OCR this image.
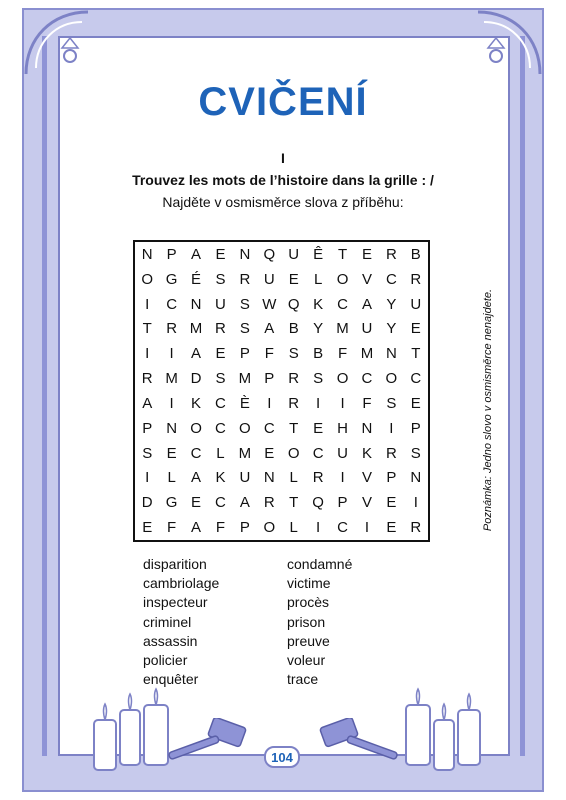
CVIČENÍ
I
Trouvez les mots de l’histoire dans la grille : /
Najděte v osmisměrce slova z příběhu:
N P A E N Q U Ê T E R B
O G É S R U E	L O V C R
I	C N U S W Q K C A Y U
T R M R S A B Y M U Y E
I	I	A E P F S B F M N T
R M D S M P R S O C O C
A	I	K C È	I	R	I	I	F S E
P N O C O C T E H N	I	P
S E C L M E O C U K R S
I	L	A K U N L R	I	V P N
D G E C A R T Q P V E	I
E F A F P O L	I	C	I	E R
disparition
cambriolage
inspecteur
criminel
assassin
policier
enquêter
condamné
victime
procès
prison
preuve
voleur
trace
Poznámka: Jedno slovo v osmisměrce nenajdete.
104
